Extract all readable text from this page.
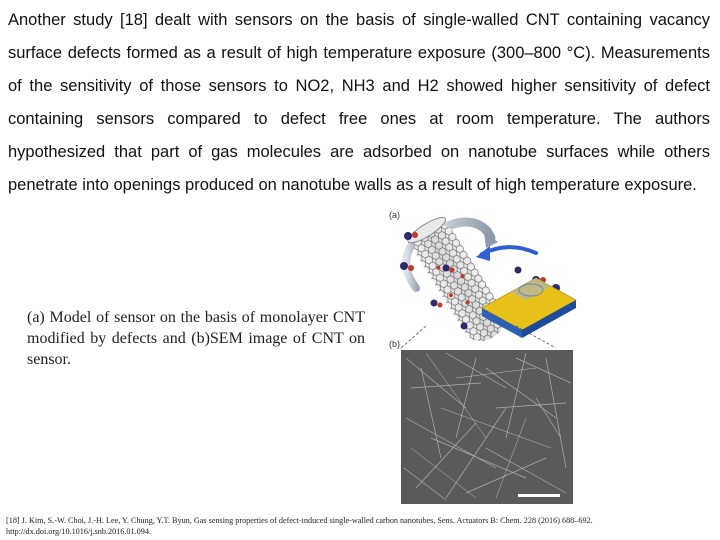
Another study [18] dealt with sensors on the basis of single-walled CNT containing vacancy surface defects formed as a result of high temperature exposure (300–800 °C). Measurements of the sensitivity of those sensors to NO2, NH3 and H2 showed higher sensitivity of defect containing sensors compared to defect free ones at room temperature. The authors hypothesized that part of gas molecules are adsorbed on nanotube surfaces while others penetrate into openings produced on nanotube walls as a result of high temperature exposure.

(a) Model of sensor on the basis of monolayer CNT modified by defects and (b)SEM image of CNT on sensor.

(a)
(b)

[18] J. Kim, S.-W. Choi, J.-H. Lee, Y. Chung, Y.T. Byun, Gas sensing properties of defect-induced single-walled carbon nanotubes, Sens. Actuators B: Chem. 228 (2016) 688–692. http://dx.doi.org/10.1016/j.snb.2016.01.094.
